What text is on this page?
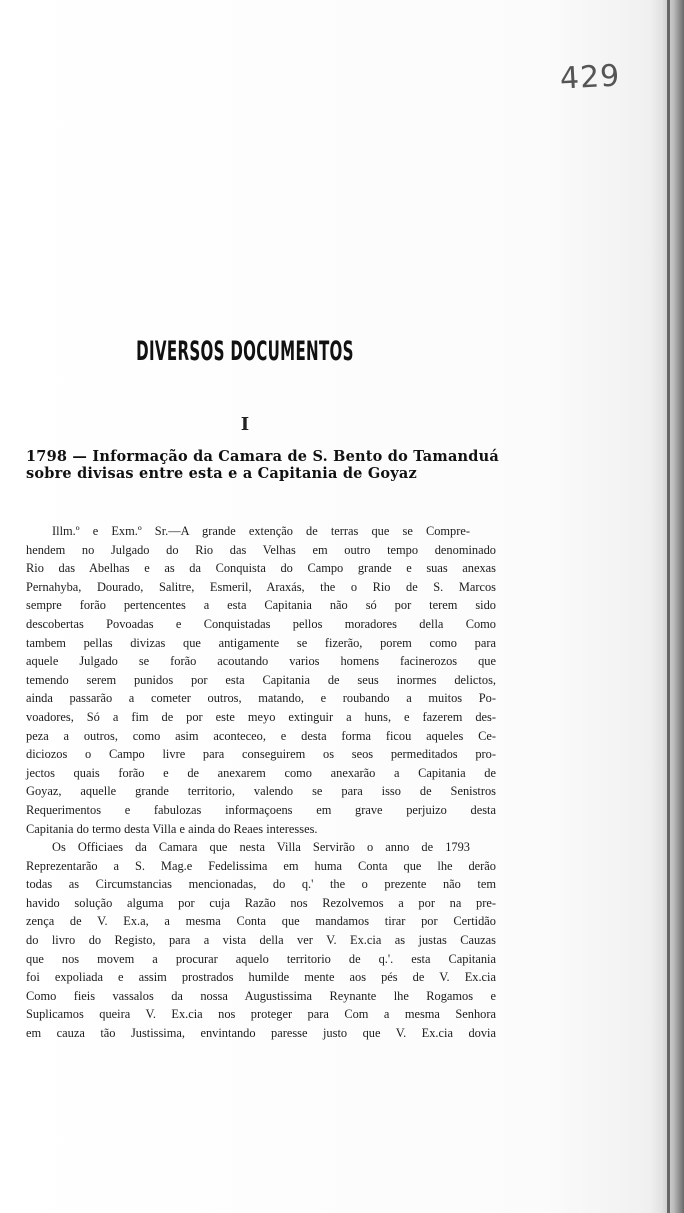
429
DIVERSOS DOCUMENTOS
I
1798 — Informação da Camara de S. Bento do Tamanduá sobre divisas entre esta e a Capitania de Goyaz

Illm.º e Exm.º Sr.—A grande extenção de terras que se Compre-
hendem no Julgado do Rio das Velhas em outro tempo denominado
Rio das Abelhas e as da Conquista do Campo grande e suas anexas
Pernahyba, Dourado, Salitre, Esmeril, Araxás, the o Rio de S. Marcos
sempre forão pertencentes a esta Capitania não só por terem sido
descobertas Povoadas e Conquistadas pellos moradores della Como
tambem pellas divizas que antigamente se fizerão, porem como para
aquele Julgado se forão acoutando varios homens facinerozos que
temendo serem punidos por esta Capitania de seus inormes delictos,
ainda passarão a cometer outros, matando, e roubando a muitos Po-
voadores, Só a fim de por este meyo extinguir a huns, e fazerem des-
peza a outros, como asim aconteceo, e desta forma ficou aqueles Ce-
diciozos o Campo livre para conseguirem os seos permeditados pro-
jectos quais forão e de anexarem como anexarão a Capitania de
Goyaz, aquelle grande territorio, valendo se para isso de Senistros
Requerimentos e fabulozas informaçoens em grave perjuizo desta
Capitania do termo desta Villa e ainda do Reaes interesses.

Os Officiaes da Camara que nesta Villa Servirão o anno de 1793
Reprezentarão a S. Mag.e Fedelissima em huma Conta que lhe derão
todas as Circumstancias mencionadas, do q.' the o prezente não tem
havido solução alguma por cuja Razão nos Rezolvemos a por na pre-
zença de V. Ex.a, a mesma Conta que mandamos tirar por Certidão
do livro do Registo, para a vista della ver V. Ex.cia as justas Cauzas
que nos movem a procurar aquelo territorio de q.'. esta Capitania
foi expoliada e assim prostrados humilde mente aos pés de V. Ex.cia
Como fieis vassalos da nossa Augustissima Reynante lhe Rogamos e
Suplicamos queira V. Ex.cia nos proteger para Com a mesma Senhora
em cauza tão Justissima, envintando paresse justo que V. Ex.cia dovia
